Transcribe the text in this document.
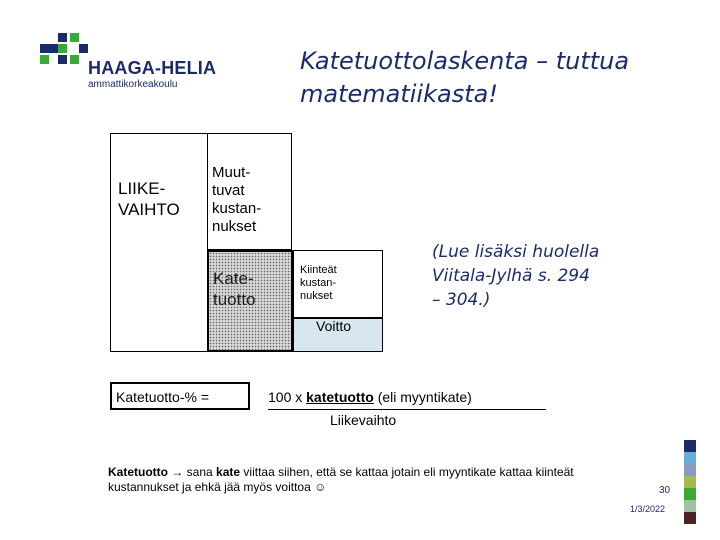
HAAGA-HELIA
ammattikorkeakoulu
Katetuottolaskenta – tuttua matematiikasta!
LIIKE-
VAIHTO
Muut-
tuvat
kustan-
nukset
Kate-
tuotto
Kiinteät
kustan-
nukset
Voitto
(Lue lisäksi huolella
Viitala-Jylhä s. 294
– 304.)
Katetuotto-% =	100 x katetuotto (eli myyntikate)
Liikevaihto
Katetuotto → sana kate viittaa siihen, että se kattaa jotain eli myyntikate kattaa kiinteät kustannukset ja ehkä jää myös voittoa ☺	30
1/3/2022
